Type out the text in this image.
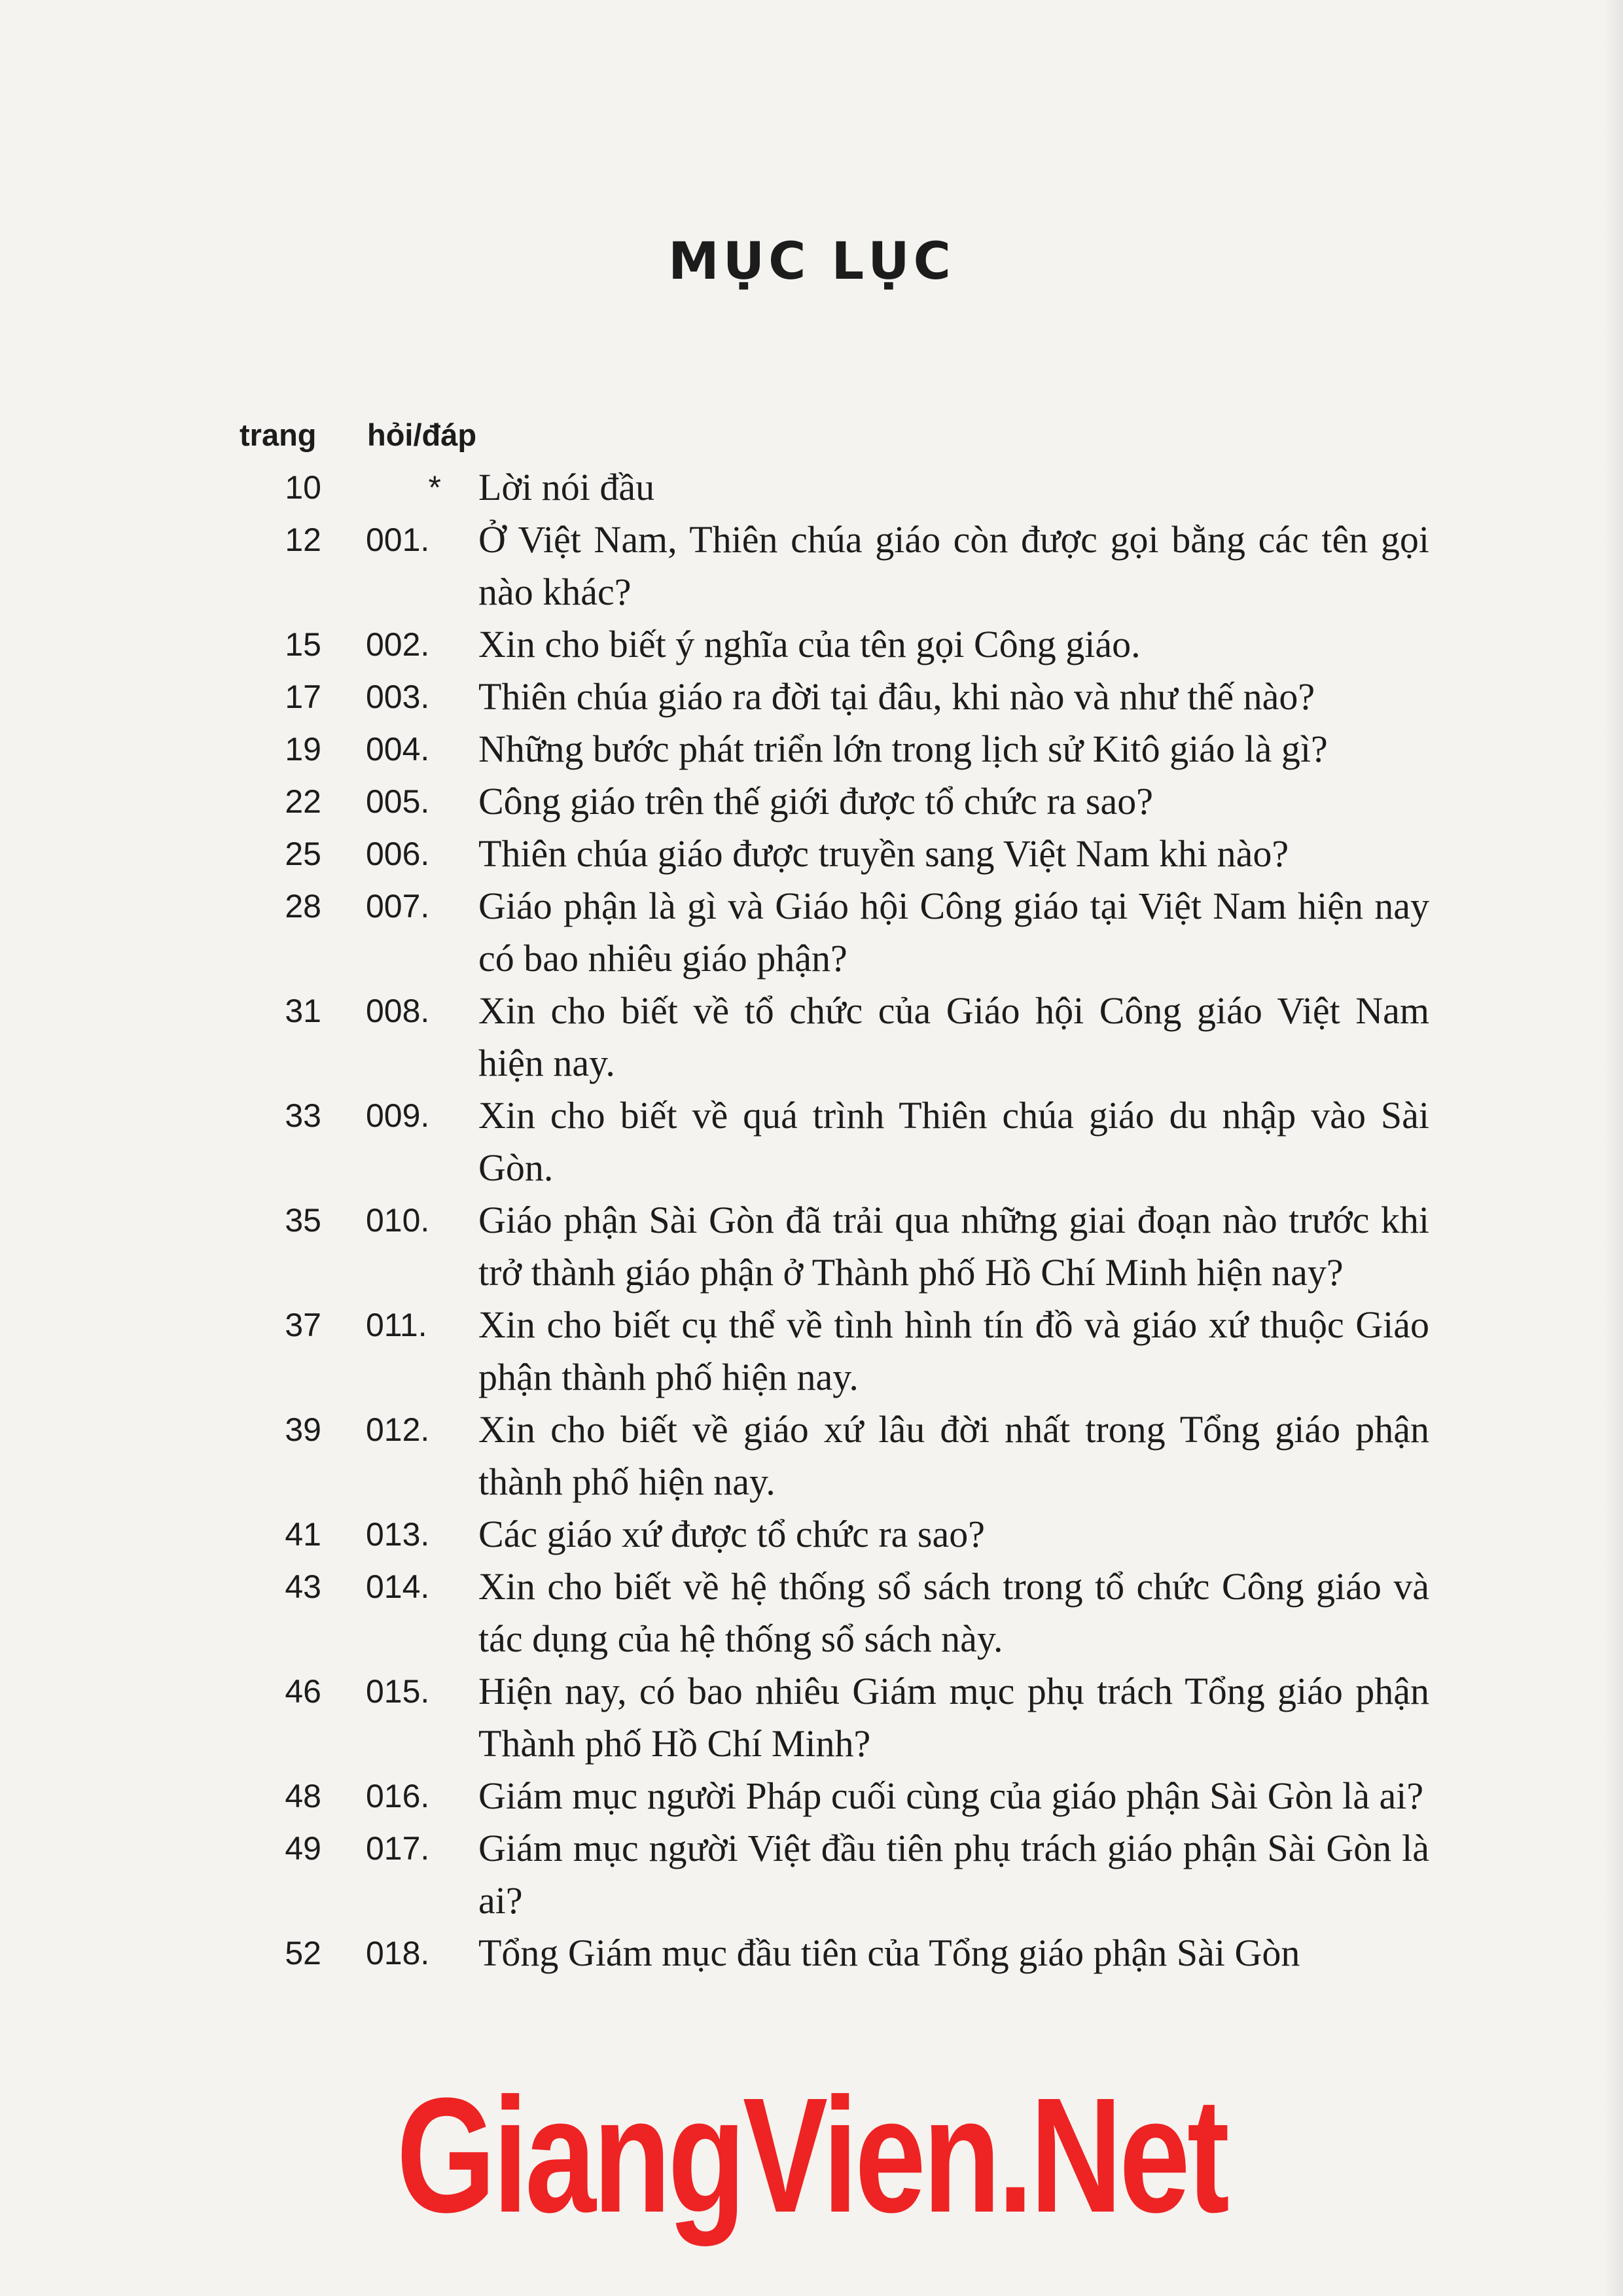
MỤC LỤC
trang hỏi/đáp
10	* Lời nói đầu
12 001.	Ở Việt Nam, Thiên chúa giáo còn được gọi bằng các tên gọi nào khác?
15 002.	Xin cho biết ý nghĩa của tên gọi Công giáo.
17 003.	Thiên chúa giáo ra đời tại đâu, khi nào và như thế nào?
19 004.	Những bước phát triển lớn trong lịch sử Kitô giáo là gì?
22 005.	Công giáo trên thế giới được tổ chức ra sao?
25 006.	Thiên chúa giáo được truyền sang Việt Nam khi nào?
28 007.	Giáo phận là gì và Giáo hội Công giáo tại Việt Nam hiện nay có bao nhiêu giáo phận?
31 008.	Xin cho biết về tổ chức của Giáo hội Công giáo Việt Nam hiện nay.
33 009.	Xin cho biết về quá trình Thiên chúa giáo du nhập vào Sài Gòn.
35 010.	Giáo phận Sài Gòn đã trải qua những giai đoạn nào trước khi trở thành giáo phận ở Thành phố Hồ Chí Minh hiện nay?
37 011.	Xin cho biết cụ thể về tình hình tín đồ và giáo xứ thuộc Giáo phận thành phố hiện nay.
39 012.	Xin cho biết về giáo xứ lâu đời nhất trong Tổng giáo phận thành phố hiện nay.
41 013.	Các giáo xứ được tổ chức ra sao?
43 014.	Xin cho biết về hệ thống sổ sách trong tổ chức Công giáo và tác dụng của hệ thống sổ sách này.
46 015.	Hiện nay, có bao nhiêu Giám mục phụ trách Tổng giáo phận Thành phố Hồ Chí Minh?
48 016.	Giám mục người Pháp cuối cùng của giáo phận Sài Gòn là ai?
49 017.	Giám mục người Việt đầu tiên phụ trách giáo phận Sài Gòn là ai?
52 018.	Tổng Giám mục đầu tiên của Tổng giáo phận Sài Gòn
GiangVien.Net
